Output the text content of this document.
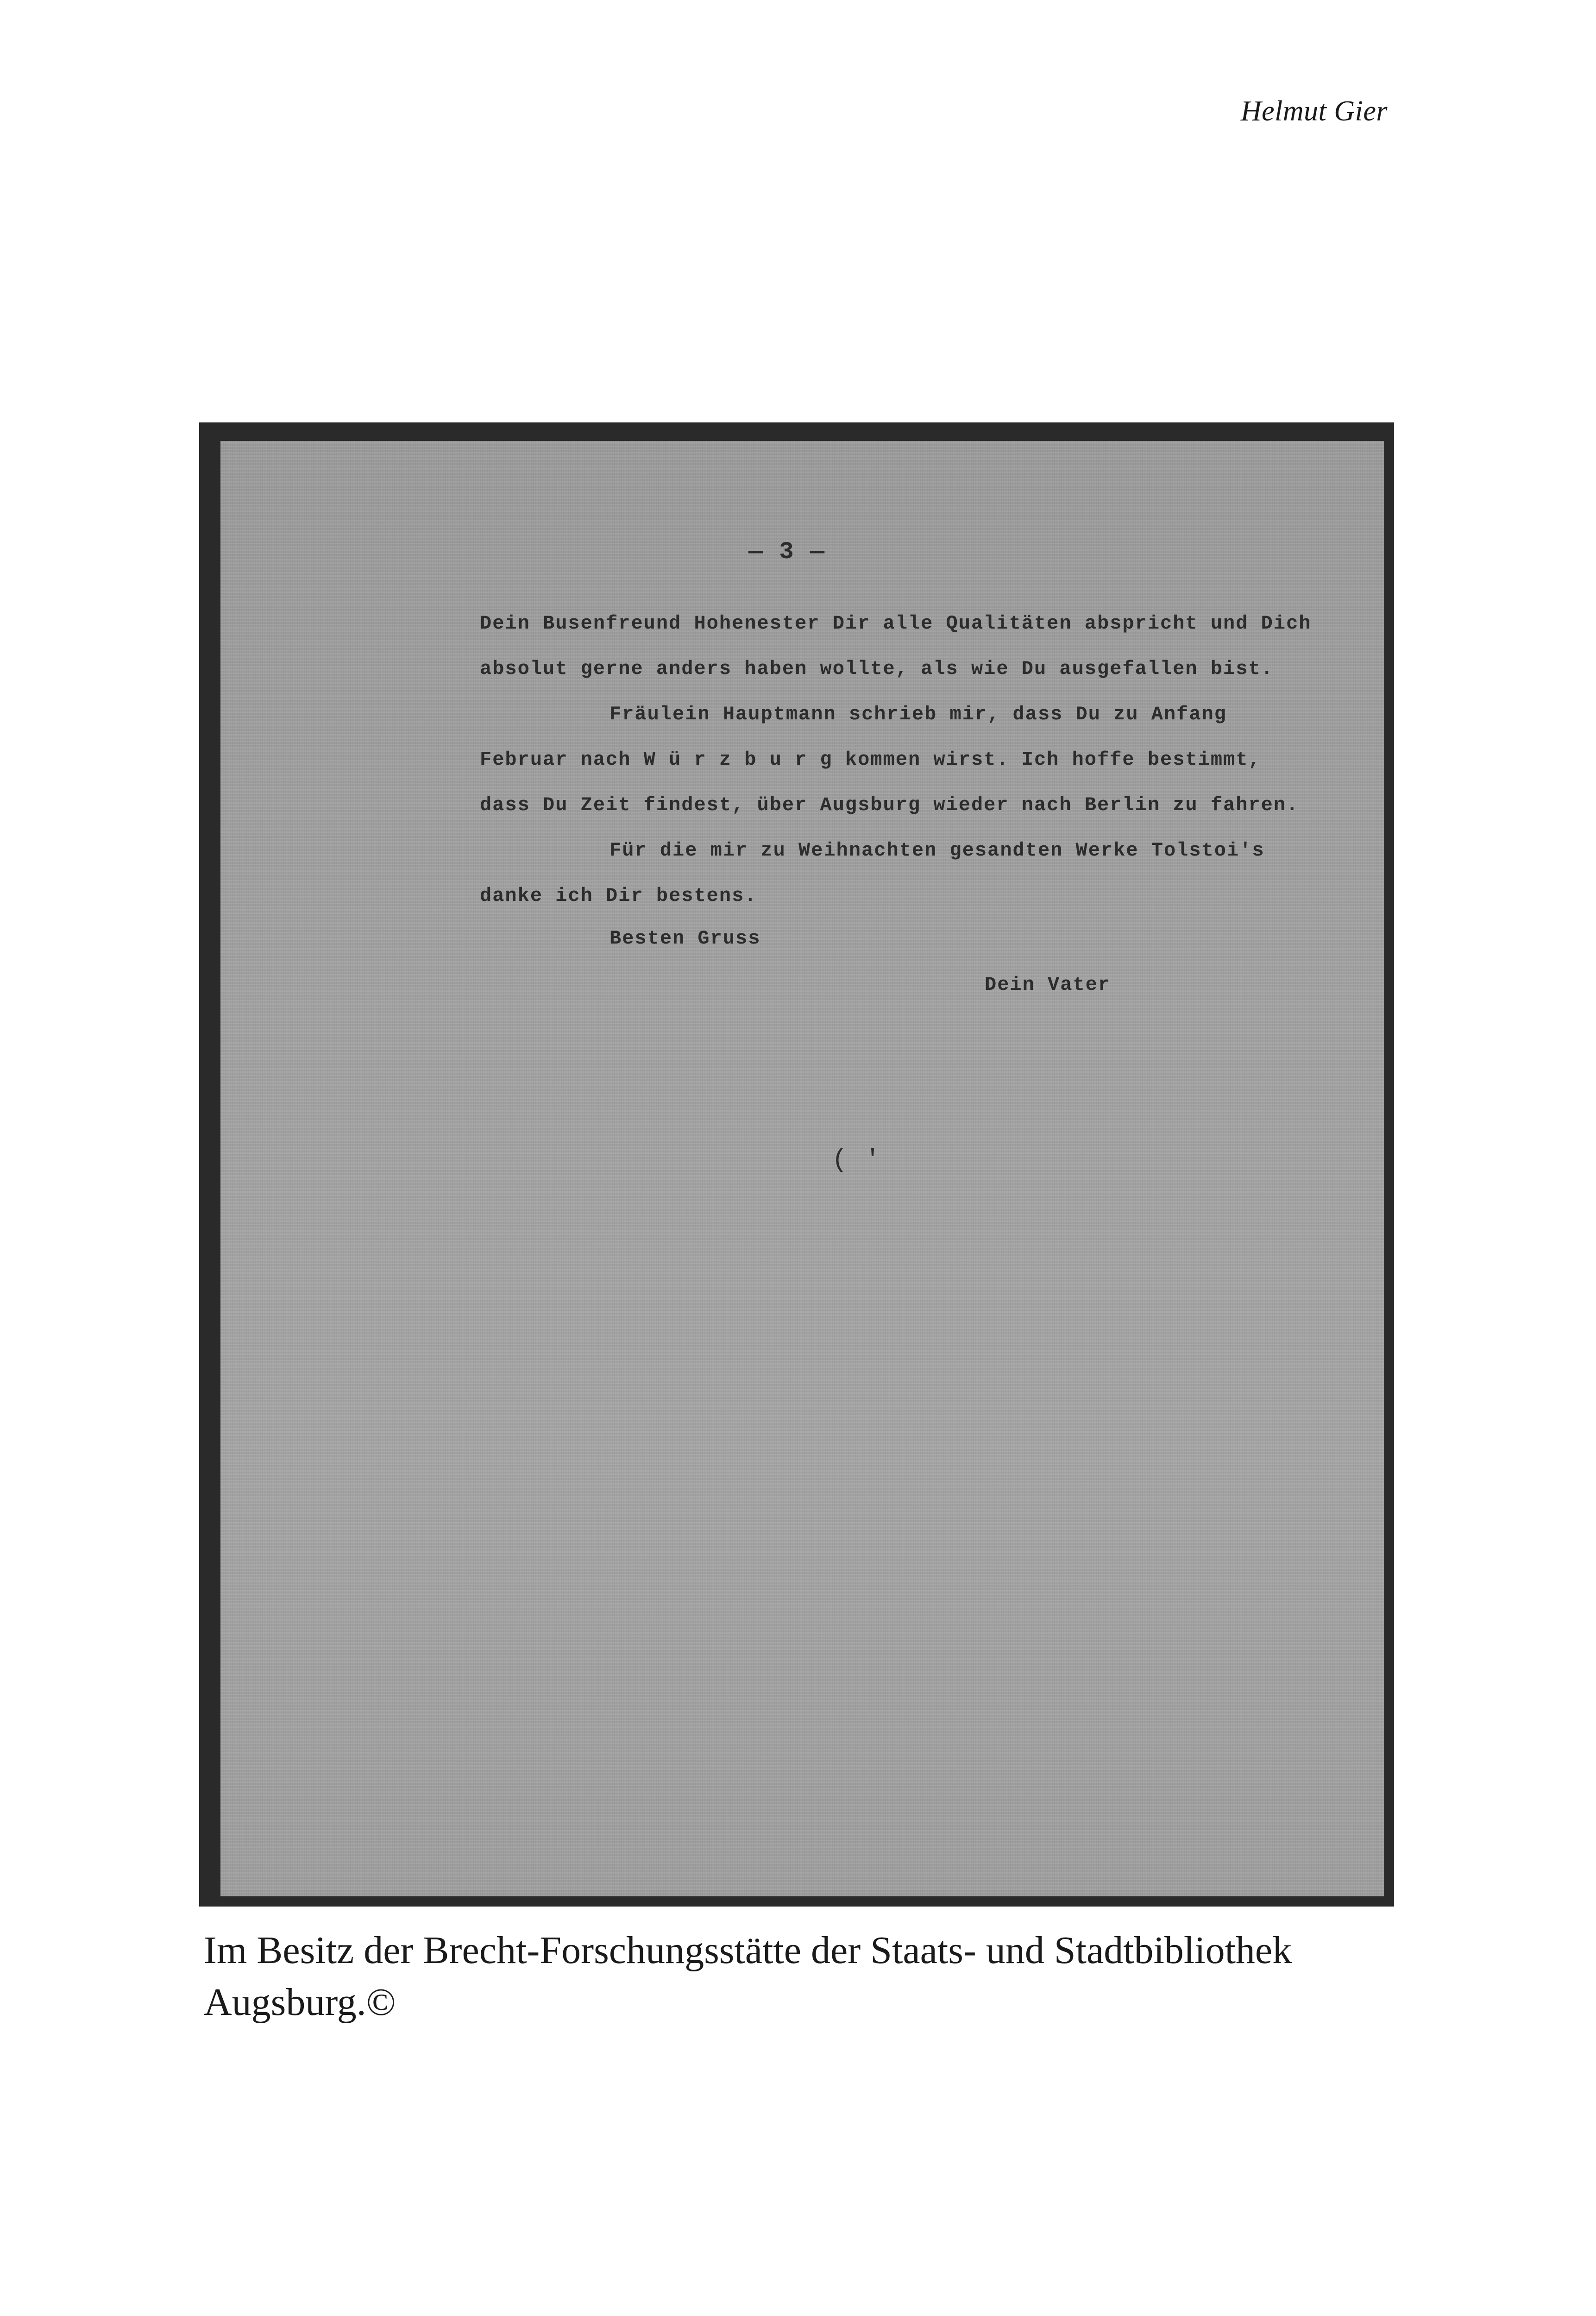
Helmut Gier
— 3 —
Dein Busenfreund Hohenester Dir alle Qualitäten abspricht und Dich
absolut gerne anders haben wollte, als wie Du ausgefallen bist.
Fräulein Hauptmann schrieb mir, dass Du zu Anfang
Februar nach W ü r z b u r g kommen wirst. Ich hoffe bestimmt,
dass Du Zeit findest, über Augsburg wieder nach Berlin zu fahren.
Für die mir zu Weihnachten gesandten Werke Tolstoi's
danke ich Dir bestens.
Besten Gruss
Dein Vater
( '
Im Besitz der Brecht-Forschungsstätte der Staats- und Stadtbibliothek Augsburg.©
